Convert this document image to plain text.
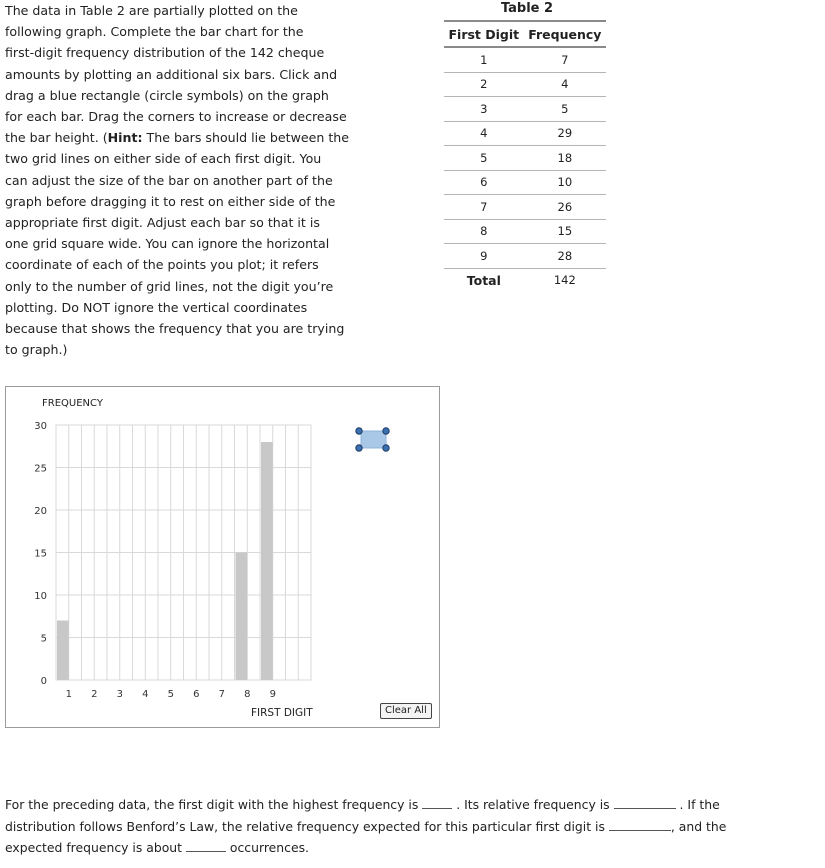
The data in Table 2 are partially plotted on the

following graph. Complete the bar chart for the

first-digit frequency distribution of the 142 cheque

amounts by plotting an additional six bars. Click and

drag a blue rectangle (circle symbols) on the graph

for each bar. Drag the corners to increase or decrease

the bar height. (Hint: The bars should lie between the

two grid lines on either side of each first digit. You

can adjust the size of the bar on another part of the

graph before dragging it to rest on either side of the

appropriate first digit. Adjust each bar so that it is

one grid square wide. You can ignore the horizontal

coordinate of each of the points you plot; it refers

only to the number of grid lines, not the digit you’re

plotting. Do NOT ignore the vertical coordinates

because that shows the frequency that you are trying

to graph.)

Table 2
First Digit	Frequency
1	7
2	4
3	5
4	29
5	18
6	10
7	26
8	15
9	28
Total	142
FREQUENCY
FIRST DIGIT
0
5
10
15
20
25
30
1 2 3 4 5 6 7 8 9
Clear All

For the preceding data, the first digit with the highest frequency is	. Its relative frequency is	. If the

distribution follows Benford’s Law, the relative frequency expected for this particular first digit is	, and the

expected frequency is about	occurrences.
